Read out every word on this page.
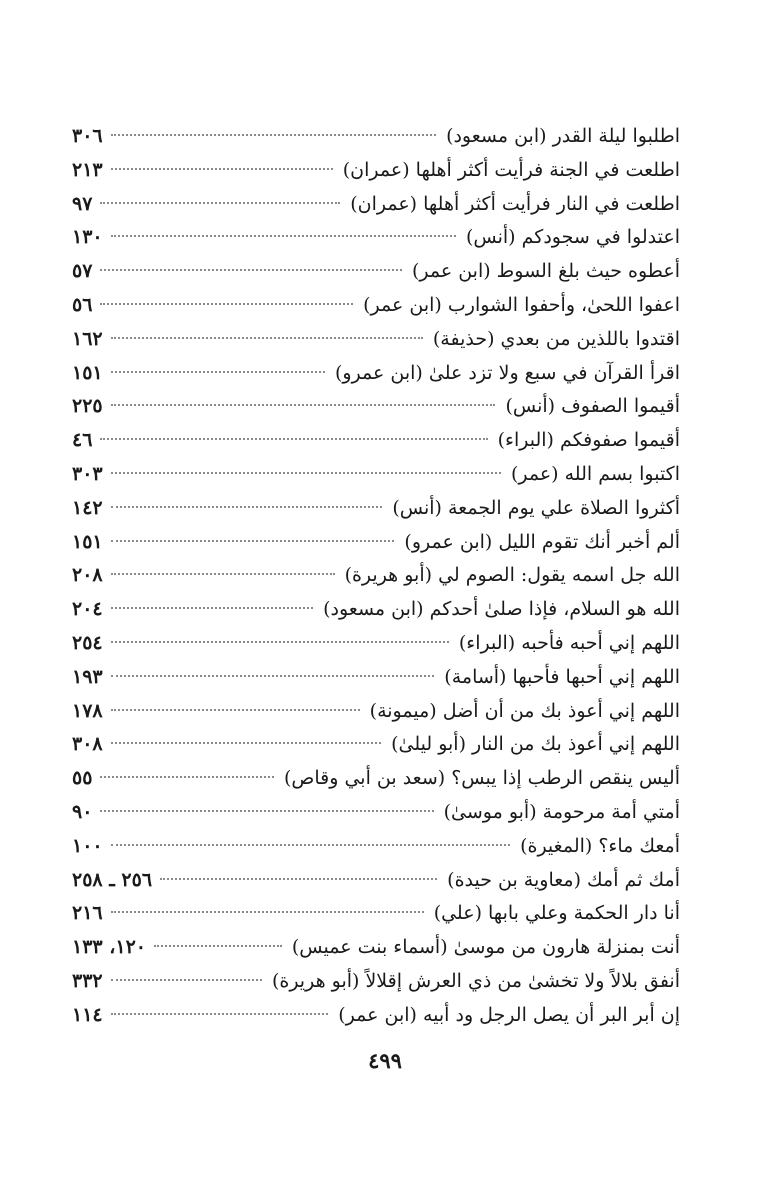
اطلبوا ليلة القدر (ابن مسعود)
٣٠٦
اطلعت في الجنة فرأيت أكثر أهلها (عمران)
٢١٣
اطلعت في النار فرأيت أكثر أهلها (عمران)
٩٧
اعتدلوا في سجودكم (أنس)
١٣٠
أعطوه حيث بلغ السوط (ابن عمر)
٥٧
اعفوا اللحىٰ، وأحفوا الشوارب (ابن عمر)
٥٦
اقتدوا باللذين من بعدي (حذيفة)
١٦٢
اقرأ القرآن في سبع ولا تزد علىٰ (ابن عمرو)
١٥١
أقيموا الصفوف (أنس)
٢٢٥
أقيموا صفوفكم (البراء)
٤٦
اكتبوا بسم الله (عمر)
٣٠٣
أكثروا الصلاة علي يوم الجمعة (أنس)
١٤٢
ألم أخبر أنك تقوم الليل (ابن عمرو)
١٥١
الله جل اسمه يقول: الصوم لي (أبو هريرة)
٢٠٨
الله هو السلام، فإذا صلىٰ أحدكم (ابن مسعود)
٢٠٤
اللهم إني أحبه فأحبه (البراء)
٢٥٤
اللهم إني أحبها فأحبها (أسامة)
١٩٣
اللهم إني أعوذ بك من أن أضل (ميمونة)
١٧٨
اللهم إني أعوذ بك من النار (أبو ليلىٰ)
٣٠٨
أليس ينقص الرطب إذا يبس؟ (سعد بن أبي وقاص)
٥٥
أمتي أمة مرحومة (أبو موسىٰ)
٩٠
أمعك ماء؟ (المغيرة)
١٠٠
أمك ثم أمك (معاوية بن حيدة)
٢٥٦ ـ ٢٥٨
أنا دار الحكمة وعلي بابها (علي)
٢١٦
أنت بمنزلة هارون من موسىٰ (أسماء بنت عميس)
١٢٠، ١٣٣
أنفق بلالاً ولا تخشىٰ من ذي العرش إقلالاً (أبو هريرة)
٣٣٢
إن أبر البر أن يصل الرجل ود أبيه (ابن عمر)
١١٤
٤٩٩
